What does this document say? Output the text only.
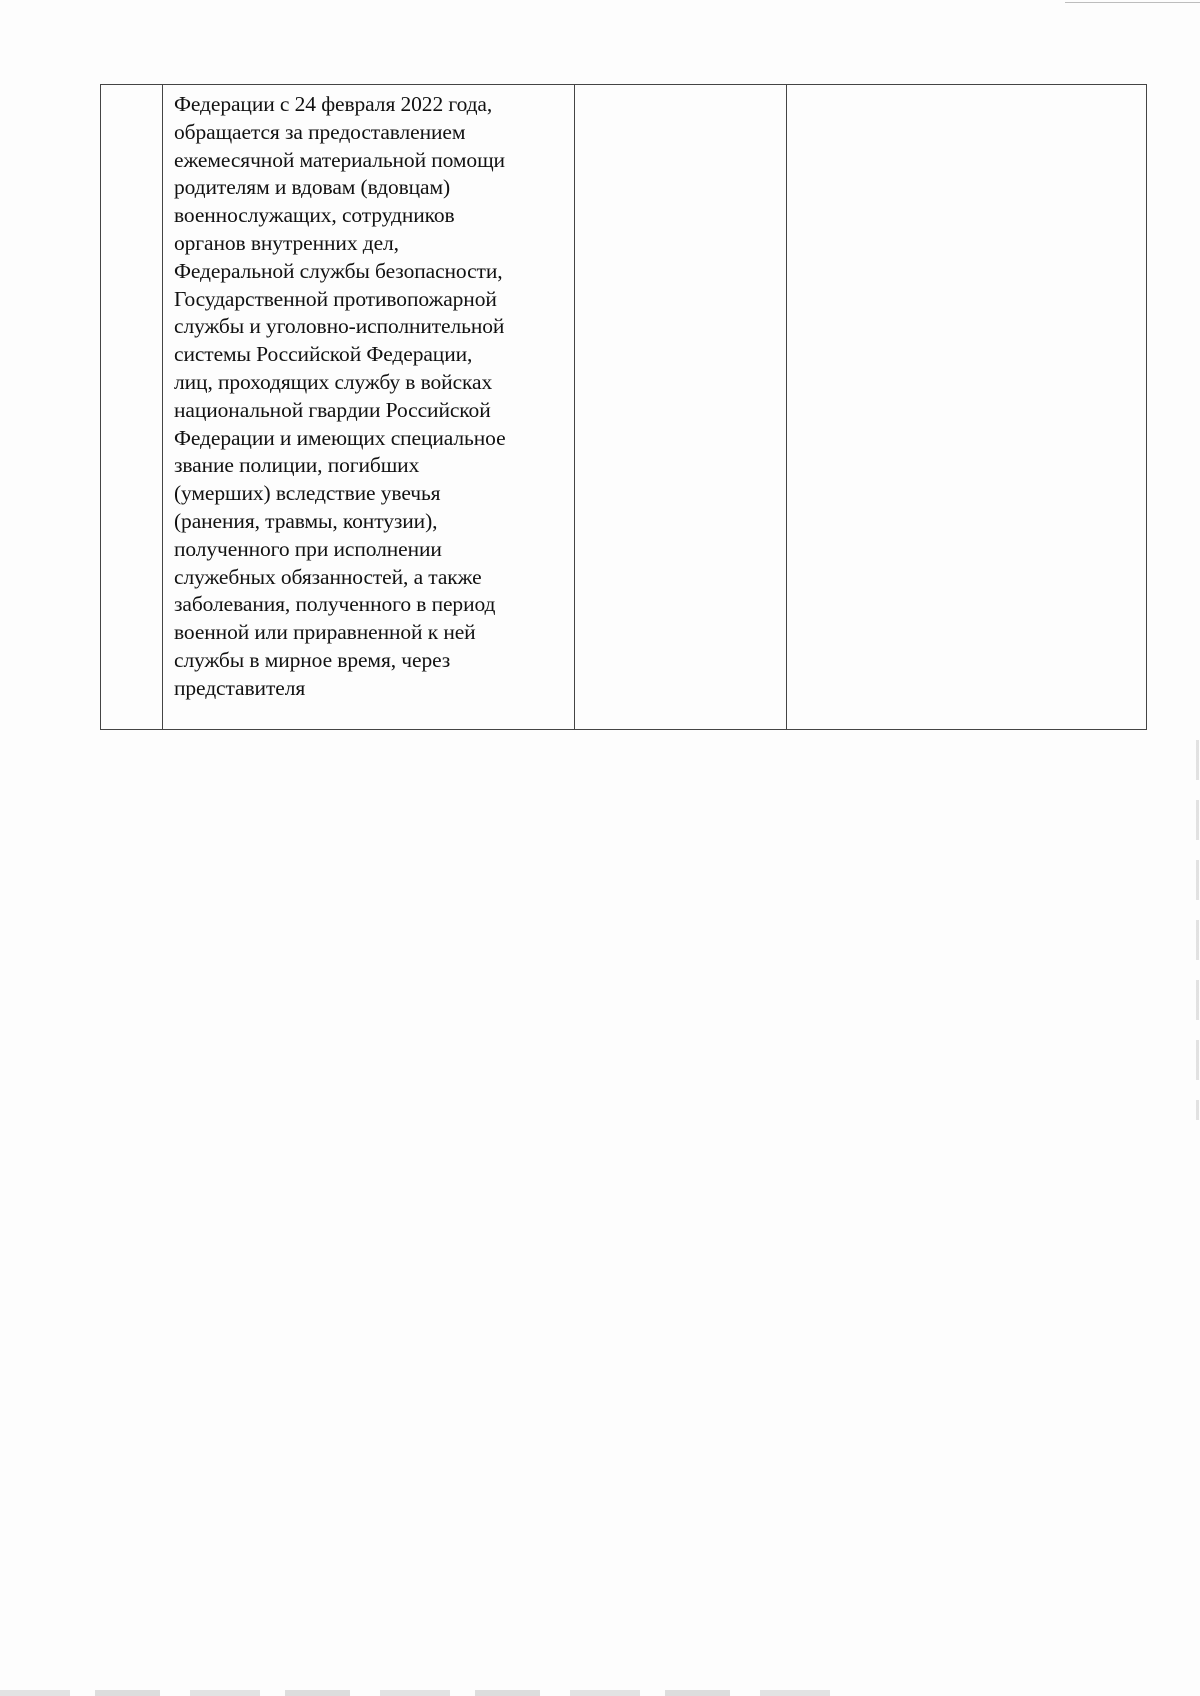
Федерации с 24 февраля 2022 года,
обращается за предоставлением
ежемесячной материальной помощи
родителям и вдовам (вдовцам)
военнослужащих, сотрудников
органов внутренних дел,
Федеральной службы безопасности,
Государственной противопожарной
службы и уголовно-исполнительной
системы Российской Федерации,
лиц, проходящих службу в войсках
национальной гвардии Российской
Федерации и имеющих специальное
звание полиции, погибших
(умерших) вследствие увечья
(ранения, травмы, контузии),
полученного при исполнении
служебных обязанностей, а также
заболевания, полученного в период
военной или приравненной к ней
службы в мирное время, через
представителя
